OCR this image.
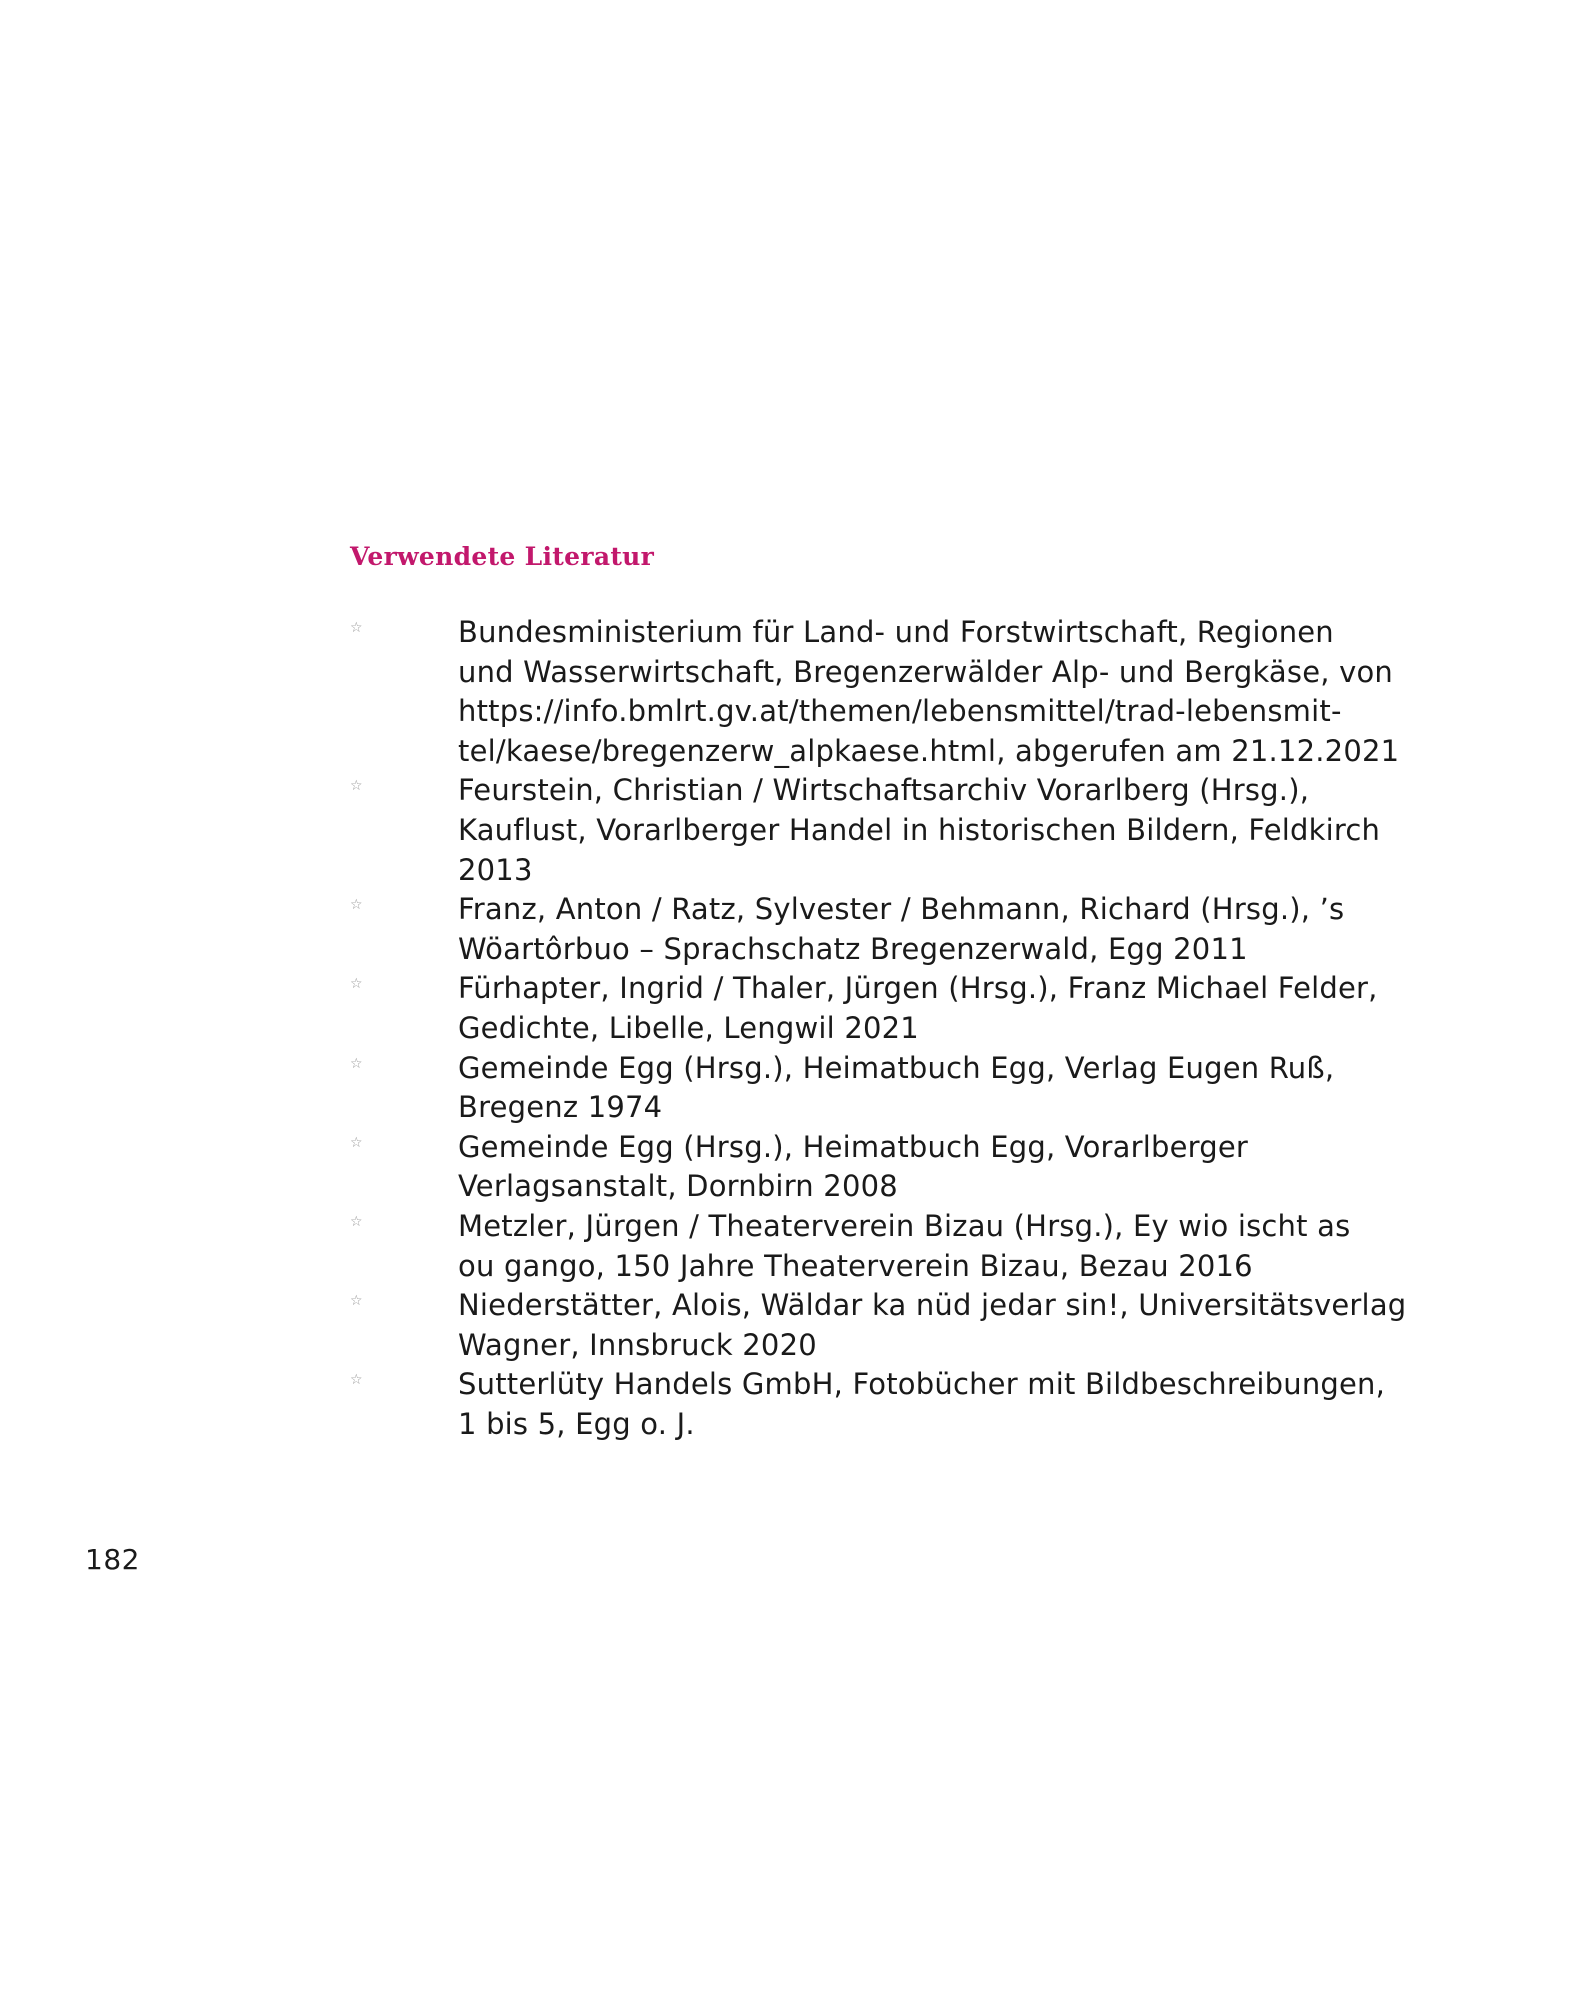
Verwendete Literatur
☆	Bundesministerium für Land- und Forstwirtschaft, Regionen
und Wasserwirtschaft, Bregenzerwälder Alp- und Bergkäse, von
https://info.bmlrt.gv.at/themen/lebensmittel/trad-lebensmit-
tel/kaese/bregenzerw_alpkaese.html, abgerufen am 21.12.2021
☆	Feurstein, Christian / Wirtschaftsarchiv Vorarlberg (Hrsg.),
Kauflust, Vorarlberger Handel in historischen Bildern, Feldkirch
2013
☆	Franz, Anton / Ratz, Sylvester / Behmann, Richard (Hrsg.), ’s
Wöartôrbuo – Sprachschatz Bregenzerwald, Egg 2011
☆	Fürhapter, Ingrid / Thaler, Jürgen (Hrsg.), Franz Michael Felder,
Gedichte, Libelle, Lengwil 2021
☆	Gemeinde Egg (Hrsg.), Heimatbuch Egg, Verlag Eugen Ruß,
Bregenz 1974
☆	Gemeinde Egg (Hrsg.), Heimatbuch Egg, Vorarlberger
Verlagsanstalt, Dornbirn 2008
☆	Metzler, Jürgen / Theaterverein Bizau (Hrsg.), Ey wio ischt as
ou gango, 150 Jahre Theaterverein Bizau, Bezau 2016
☆	Niederstätter, Alois, Wäldar ka nüd jedar sin!, Universitätsverlag
Wagner, Innsbruck 2020
☆	Sutterlüty Handels GmbH, Fotobücher mit Bildbeschreibungen,
1 bis 5, Egg o. J.
182
